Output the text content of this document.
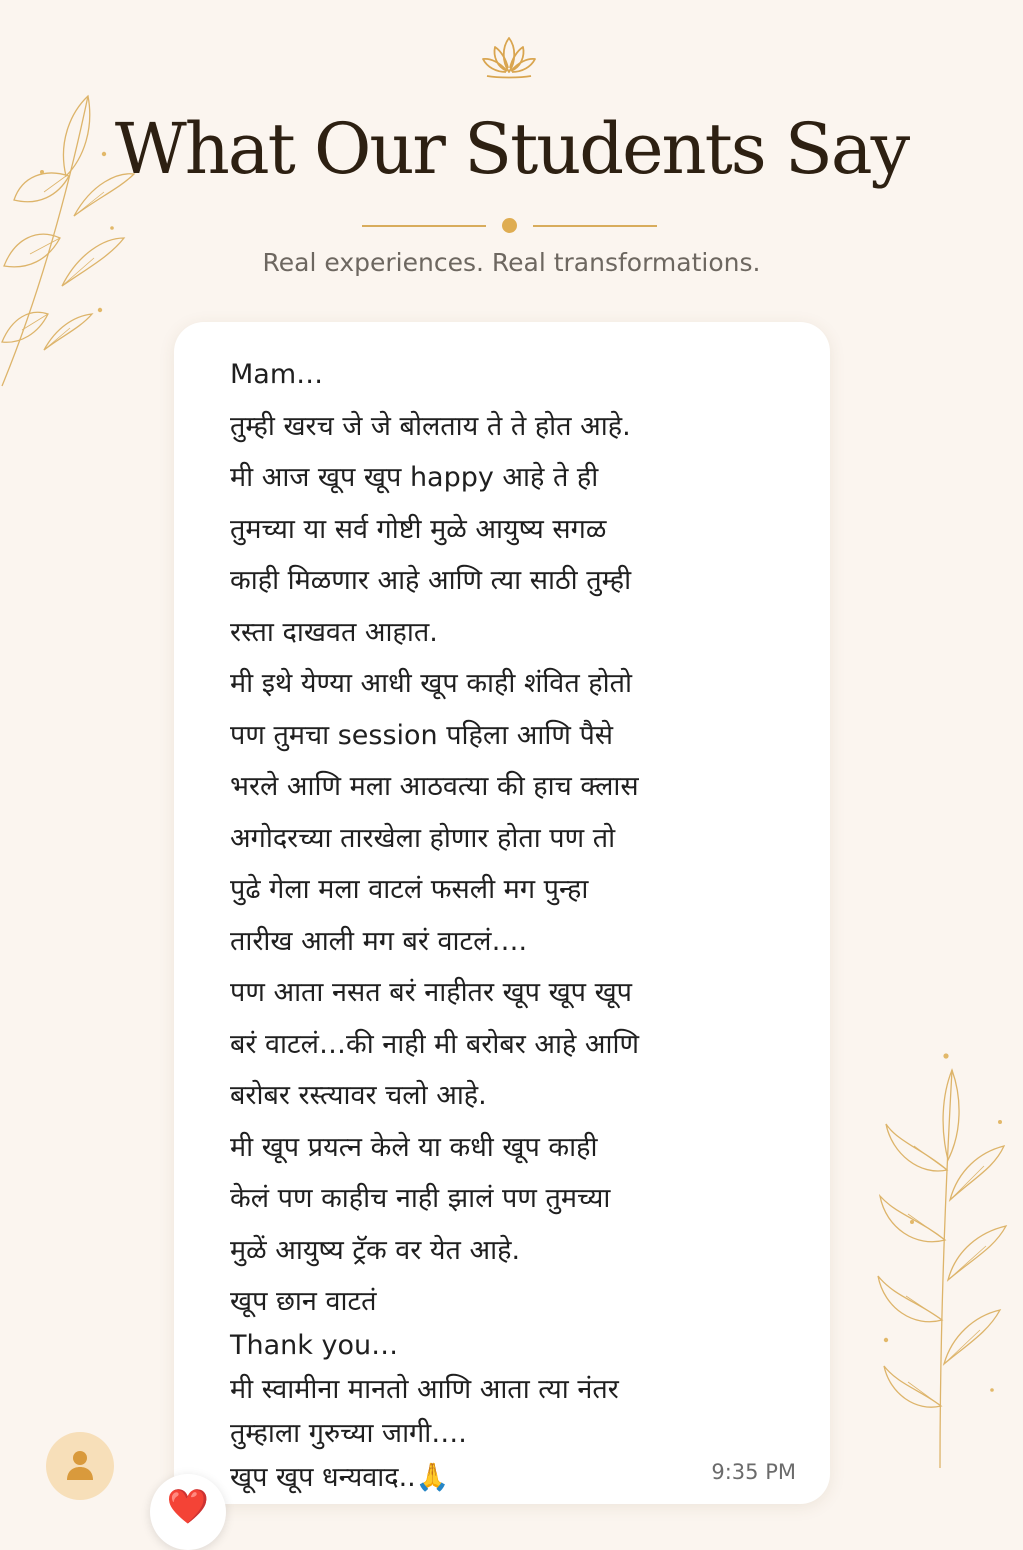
What Our Students Say
Real experiences. Real transformations.
Mam…
तुम्ही खरच जे जे बोलताय ते ते होत आहे.
मी आज खूप खूप happy आहे ते ही
तुमच्या या सर्व गोष्टी मुळे आयुष्य सगळ
काही मिळणार आहे आणि त्या साठी तुम्ही
रस्ता दाखवत आहात.
मी इथे येण्या आधी खूप काही शंवित होतो
पण तुमचा session पहिला आणि पैसे
भरले आणि मला आठवत्या की हाच क्लास
अगोदरच्या तारखेला होणार होता पण तो
पुढे गेला मला वाटलं फसली मग पुन्हा
तारीख आली मग बरं वाटलं….
पण आता नसत बरं नाहीतर खूप खूप खूप
बरं वाटलं…की नाही मी बरोबर आहे आणि
बरोबर रस्त्यावर चलो आहे.
मी खूप प्रयत्न केले या कधी खूप काही
केलं पण काहीच नाही झालं पण तुमच्या
मुळें आयुष्य ट्रॅक वर येत आहे.
खूप छान वाटतं
Thank you…
मी स्वामीना मानतो आणि आता त्या नंतर
तुम्हाला गुरुच्या जागी….
खूप खूप धन्यवाद..🙏	9:35 PM
❤️
